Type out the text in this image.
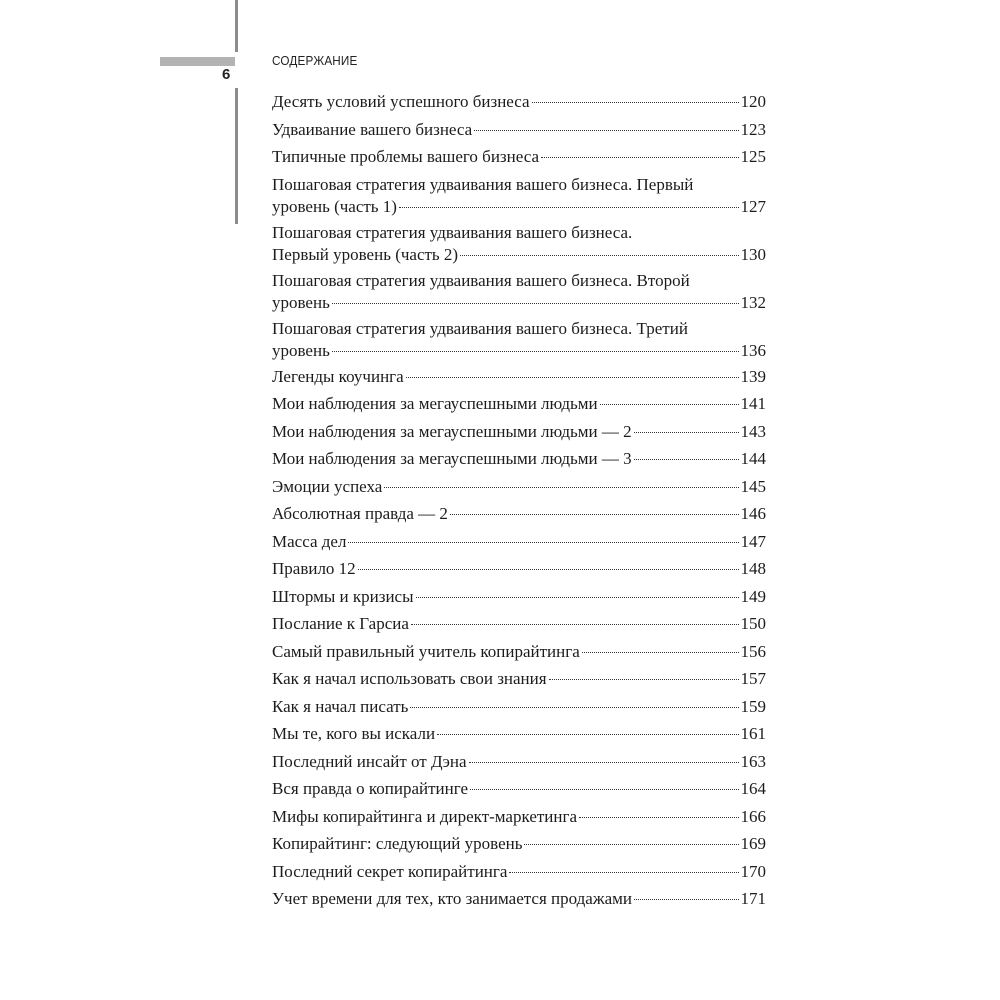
6
СОДЕРЖАНИЕ
Десять условий успешного бизнеса	120
Удваивание вашего бизнеса	123
Типичные проблемы вашего бизнеса	125
Пошаговая стратегия удваивания вашего бизнеса. Первый
уровень (часть 1)	127
Пошаговая стратегия удваивания вашего бизнеса.
Первый уровень (часть 2)	130
Пошаговая стратегия удваивания вашего бизнеса. Второй
уровень	132
Пошаговая стратегия удваивания вашего бизнеса. Третий
уровень	136
Легенды коучинга	139
Мои наблюдения за мегауспешными людьми	141
Мои наблюдения за мегауспешными людьми — 2	143
Мои наблюдения за мегауспешными людьми — 3	144
Эмоции успеха	145
Абсолютная правда — 2	146
Масса дел	147
Правило 12	148
Штормы и кризисы	149
Послание к Гарсиа	150
Самый правильный учитель копирайтинга	156
Как я начал использовать свои знания	157
Как я начал писать	159
Мы те, кого вы искали	161
Последний инсайт от Дэна	163
Вся правда о копирайтинге	164
Мифы копирайтинга и директ-маркетинга	166
Копирайтинг: следующий уровень	169
Последний секрет копирайтинга	170
Учет времени для тех, кто занимается продажами	171
